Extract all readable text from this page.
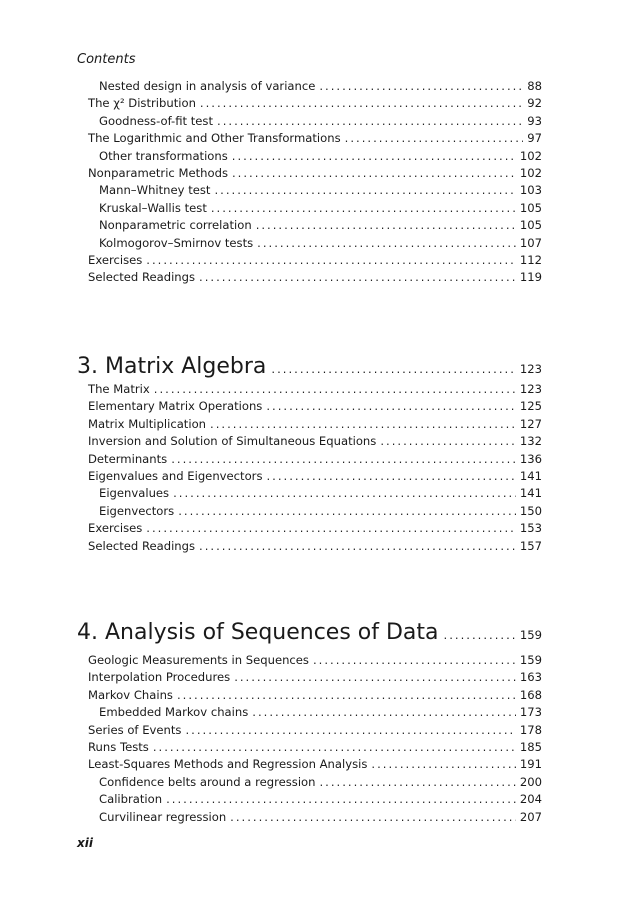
Contents
Nested design in analysis of variance .....	88
The χ² Distribution .....	92
Goodness-of-fit test .....	93
The Logarithmic and Other Transformations .....	97
Other transformations .....	102
Nonparametric Methods .....	102
Mann–Whitney test .....	103
Kruskal–Wallis test .....	105
Nonparametric correlation .....	105
Kolmogorov–Smirnov tests .....	107
Exercises .....	112
Selected Readings .....	119
3. Matrix Algebra .....	123
The Matrix .....	123
Elementary Matrix Operations .....	125
Matrix Multiplication .....	127
Inversion and Solution of Simultaneous Equations .....	132
Determinants .....	136
Eigenvalues and Eigenvectors .....	141
Eigenvalues .....	141
Eigenvectors .....	150
Exercises .....	153
Selected Readings .....	157
4. Analysis of Sequences of Data .....	159
Geologic Measurements in Sequences .....	159
Interpolation Procedures .....	163
Markov Chains .....	168
Embedded Markov chains .....	173
Series of Events .....	178
Runs Tests .....	185
Least-Squares Methods and Regression Analysis .....	191
Confidence belts around a regression .....	200
Calibration .....	204
Curvilinear regression .....	207
xii
